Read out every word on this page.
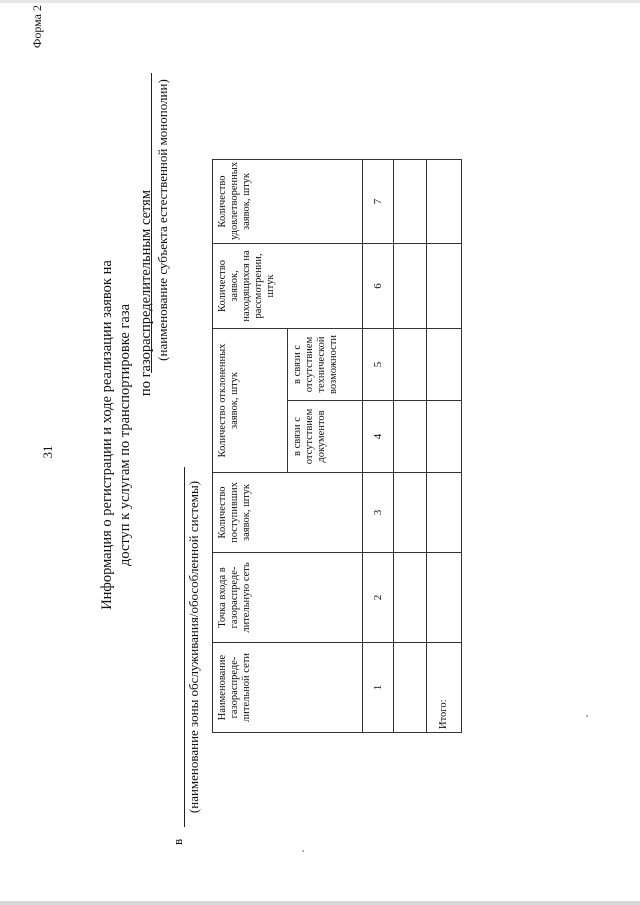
31
Форма 2
Информация о регистрации и ходе реализации заявок на доступ к услугам по транспортировке газа
по газораспределительным сетям (наименование субъекта естественной монополии)
в
(наименование зоны обслуживания/обособленной системы) Наименование газораспреде-лительной сети	Точка входа в газораспреде-лительную сеть	Количество поступивших заявок, штук	Количество отклоненных заявок, штук		Количество заявок, находящихся на рассмотрении, штук	Количество удовлетворенных заявок, штук
			в связи с отсутствием документов	в связи с отсутствием технической возможности		
1	2	3	4	5	6	7

Итого:						
